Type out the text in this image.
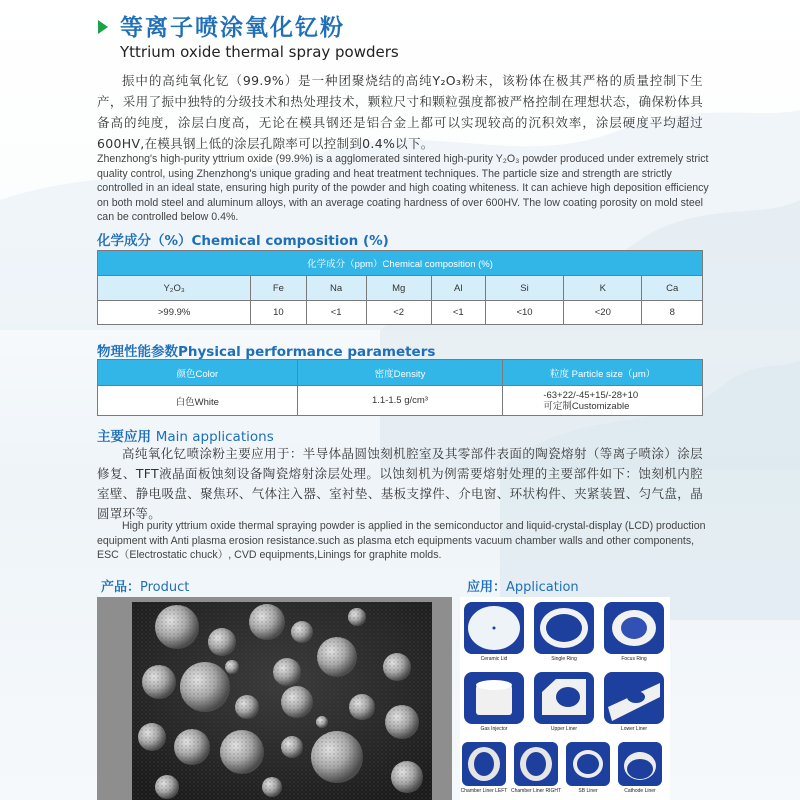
等离子喷涂氧化钇粉
Yttrium oxide thermal spray powders

振中的高纯氧化钇（99.9%）是一种团聚烧结的高纯Y₂O₃粉末，该粉体在极其严格的质量控制下生产，采用了振中独特的分级技术和热处理技术，颗粒尺寸和颗粒强度都被严格控制在理想状态，确保粉体具备高的纯度，涂层白度高，无论在模具钢还是铝合金上都可以实现较高的沉积效率，涂层硬度平均超过600HV,在模具钢上低的涂层孔隙率可以控制到0.4%以下。

Zhenzhong's high-purity yttrium oxide (99.9%) is a agglomerated sintered high-purity Y₂O₃ powder produced under extremely strict quality control, using Zhenzhong's unique grading and heat treatment techniques. The particle size and strength are strictly controlled in an ideal state, ensuring high purity of the powder and high coating whiteness. It can achieve high deposition efficiency on both mold steel and aluminum alloys, with an average coating hardness of over 600HV. The low coating porosity on mold steel can be controlled below 0.4%.

化学成分（%）Chemical composition (%)
化学成分（ppm）Chemical composition (%)							
Y₂O₃	Fe	Na	Mg	Al	Si	K	Ca
>99.9%	10	<1	<2	<1	<10	<20	8
物理性能参数Physical performance parameters
颜色Color	密度Density	粒度 Particle size（μm）
白色White	1.1-1.5 g/cm³	-63+22/-45+15/-28+10
可定制Customizable
主要应用 Main applications

高纯氧化钇喷涂粉主要应用于：半导体晶圆蚀刻机腔室及其零部件表面的陶瓷熔射（等离子喷涂）涂层修复、TFT液晶面板蚀刻设备陶瓷熔射涂层处理。以蚀刻机为例需要熔射处理的主要部件如下：蚀刻机内腔室壁、静电吸盘、聚焦环、气体注入器、室衬垫、基板支撑件、介电窗、环状构件、夹紧装置、匀气盘，晶圆罩环等。

High purity yttrium oxide thermal spraying powder is applied in the semiconductor and liquid-crystal-display (LCD) production equipment with Anti plasma erosion resistance.such as plasma etch equipments vacuum chamber walls and other components, ESC（Electrostatic chuck）, CVD equipments,Linings for graphite molds.

产品：Product	应用：Application
Ceramic Lid	Single Ring	Focus Ring
Gas Injector	Upper Liner	Lower Liner
Chamber Liner LEFT Chamber Liner RIGHT	SB Liner	Cathode Liner
